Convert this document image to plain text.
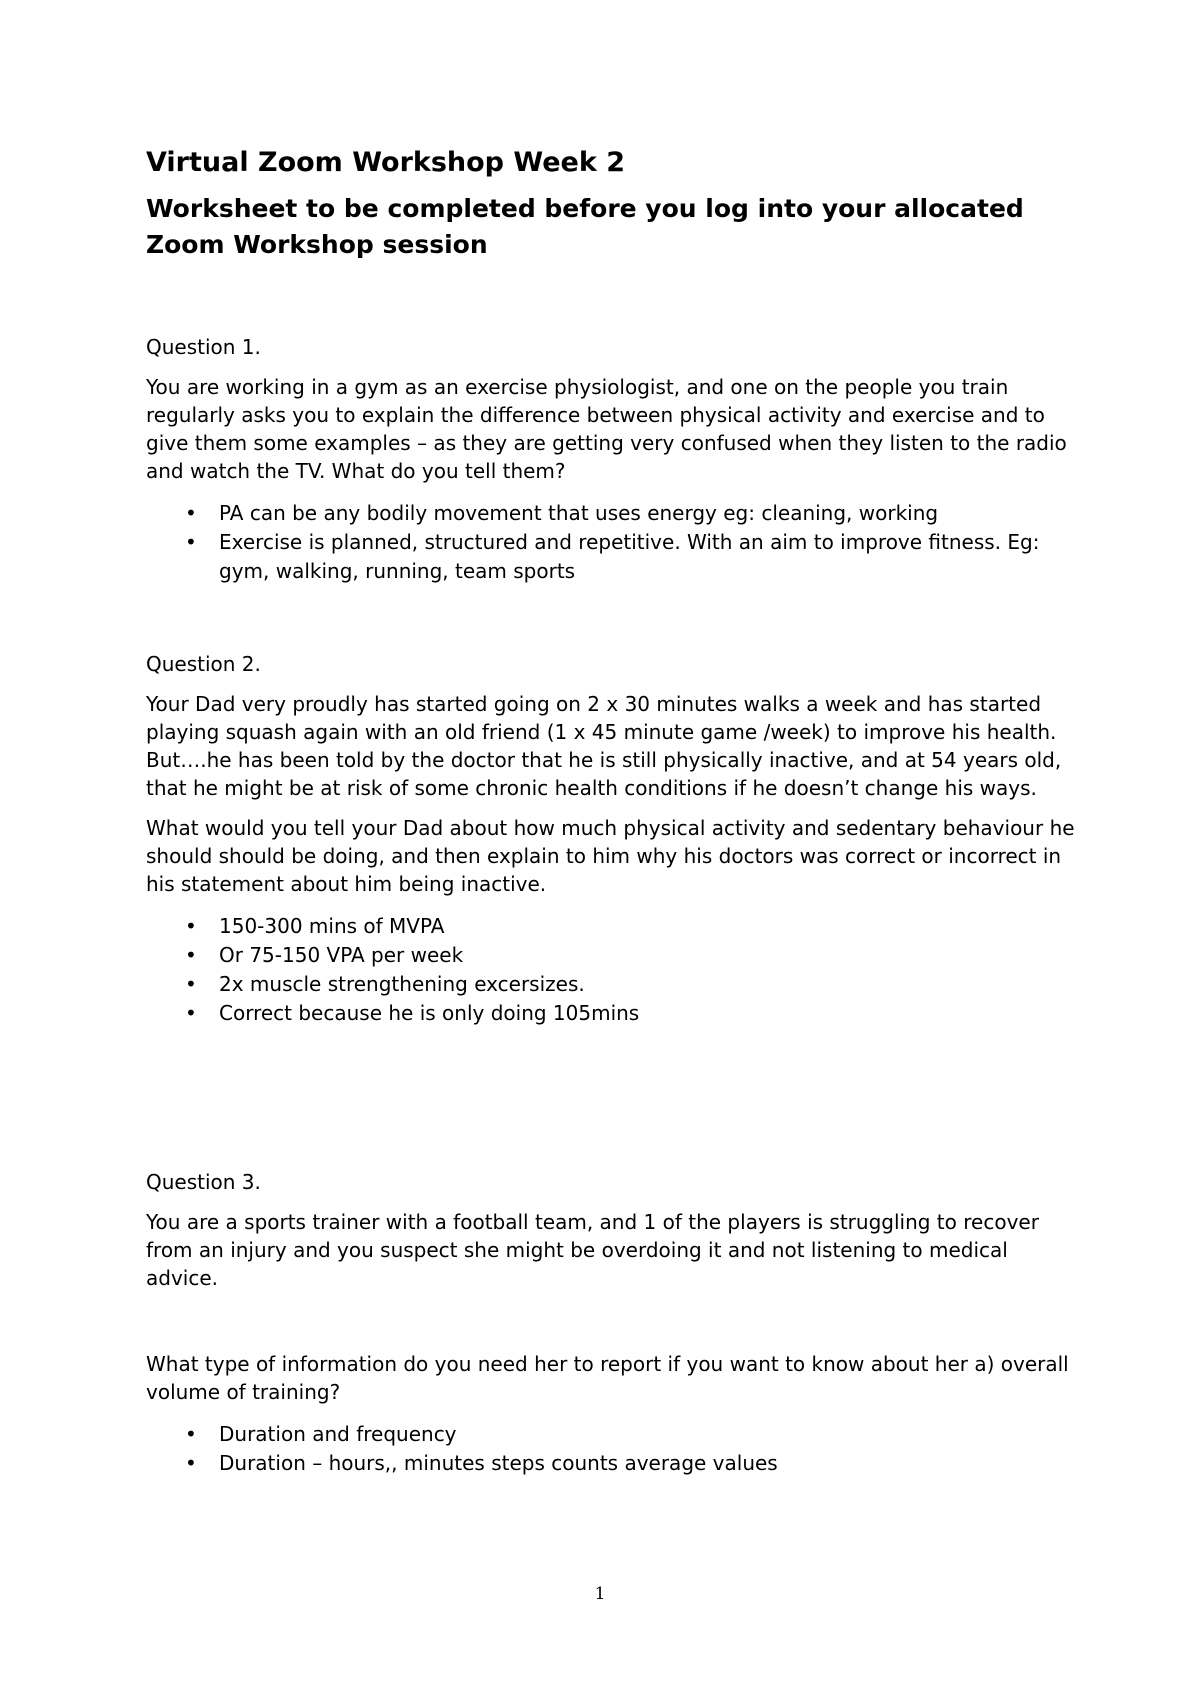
Virtual Zoom Workshop Week 2
Worksheet to be completed before you log into your allocated Zoom Workshop session

Question 1.

You are working in a gym as an exercise physiologist, and one on the people you train regularly asks you to explain the difference between physical activity and exercise and to give them some examples – as they are getting very confused when they listen to the radio and watch the TV. What do you tell them?

• PA can be any bodily movement that uses energy eg: cleaning, working
• Exercise is planned, structured and repetitive. With an aim to improve fitness. Eg: gym, walking, running, team sports

Question 2.

Your Dad very proudly has started going on 2 x 30 minutes walks a week and has started playing squash again with an old friend (1 x 45 minute game /week) to improve his health. But….he has been told by the doctor that he is still physically inactive, and at 54 years old, that he might be at risk of some chronic health conditions if he doesn’t change his ways.

What would you tell your Dad about how much physical activity and sedentary behaviour he should should be doing, and then explain to him why his doctors was correct or incorrect in his statement about him being inactive.

• 150-300 mins of MVPA
• Or 75-150 VPA per week
• 2x muscle strengthening excersizes.
• Correct because he is only doing 105mins

Question 3.

You are a sports trainer with a football team, and 1 of the players is struggling to recover from an injury and you suspect she might be overdoing it and not listening to medical advice.

What type of information do you need her to report if you want to know about her a) overall volume of training?

• Duration and frequency
• Duration – hours,, minutes steps counts average values
1
